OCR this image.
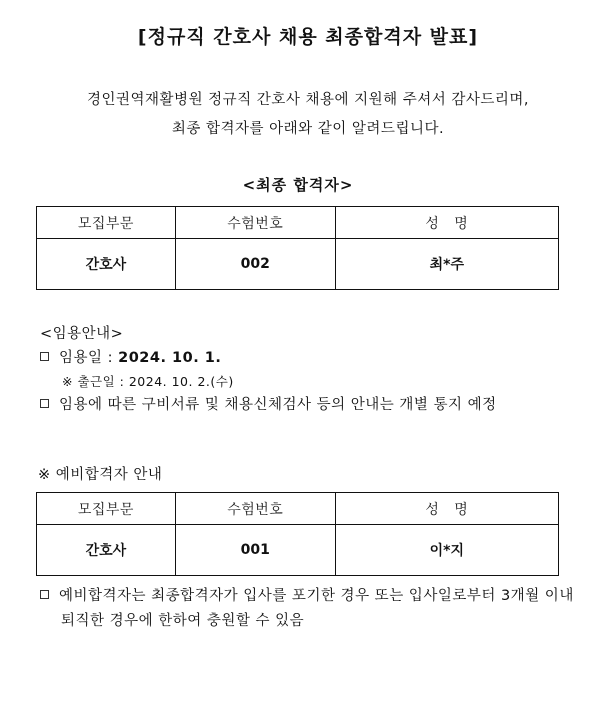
[정규직 간호사 채용 최종합격자 발표]
경인권역재활병원 정규직 간호사 채용에 지원해 주셔서 감사드리며,
최종 합격자를 아래와 같이 알려드립니다.
<최종 합격자>
모집부문	수험번호	성   명
간호사	002	최*주
<임용안내>
임용일 : 2024. 10. 1.
※ 출근일 : 2024. 10. 2.(수)
임용에 따른 구비서류 및 채용신체검사 등의 안내는 개별 통지 예정
※ 예비합격자 안내
모집부문	수험번호	성   명
간호사	001	이*지
예비합격자는 최종합격자가 입사를 포기한 경우 또는 입사일로부터 3개월 이내
퇴직한 경우에 한하여 충원할 수 있음
